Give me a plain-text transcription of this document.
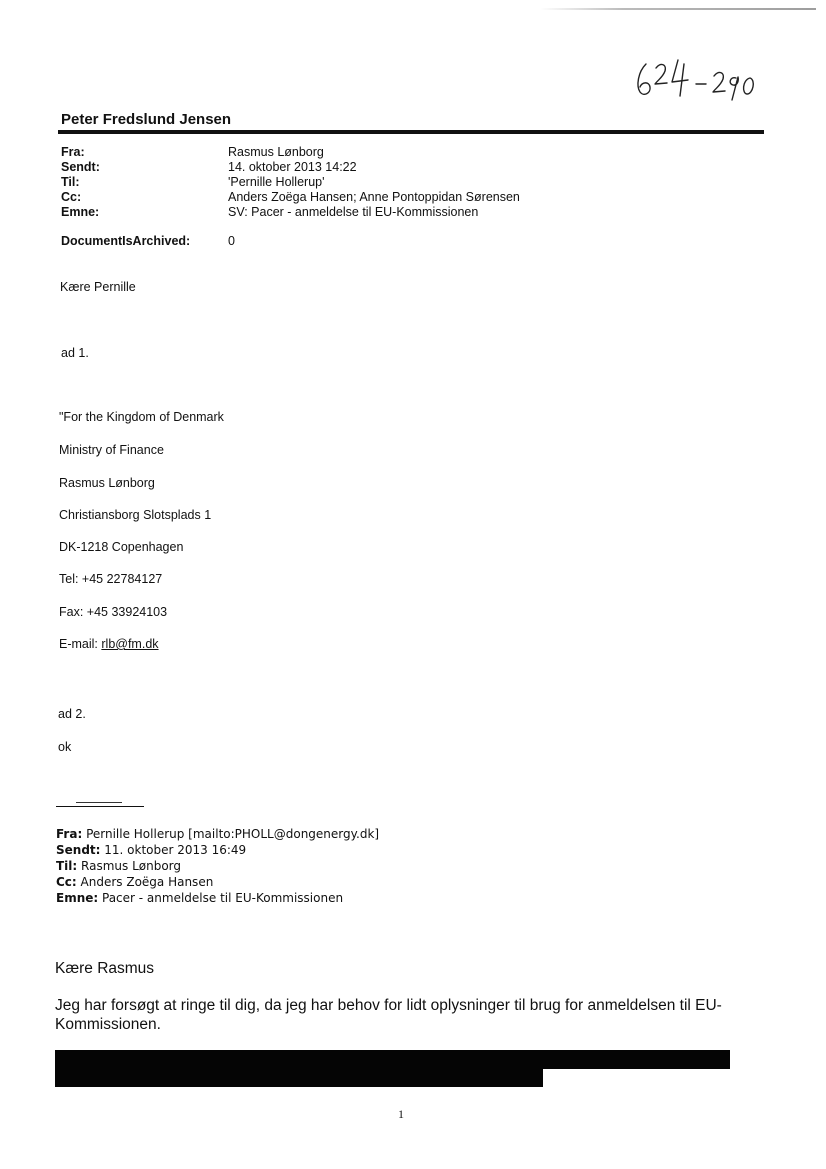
Peter Fredslund Jensen
Fra:
Sendt:
Til:
Cc:
Emne:
DocumentIsArchived:
Rasmus Lønborg
14. oktober 2013 14:22
'Pernille Hollerup'
Anders Zoëga Hansen; Anne Pontoppidan Sørensen
SV: Pacer - anmeldelse til EU-Kommissionen
0
Kære Pernille
ad 1.
"For the Kingdom of Denmark
Ministry of Finance
Rasmus Lønborg
Christiansborg Slotsplads 1
DK-1218 Copenhagen
Tel: +45 22784127
Fax: +45 33924103
E-mail: rlb@fm.dk
ad 2.
ok
Fra: Pernille Hollerup [mailto:PHOLL@dongenergy.dk]
Sendt: 11. oktober 2013 16:49
Til: Rasmus Lønborg
Cc: Anders Zoëga Hansen
Emne: Pacer - anmeldelse til EU-Kommissionen
Kære Rasmus
Jeg har forsøgt at ringe til dig, da jeg har behov for lidt oplysninger til brug for anmeldelsen til EU-
Kommissionen.
1
